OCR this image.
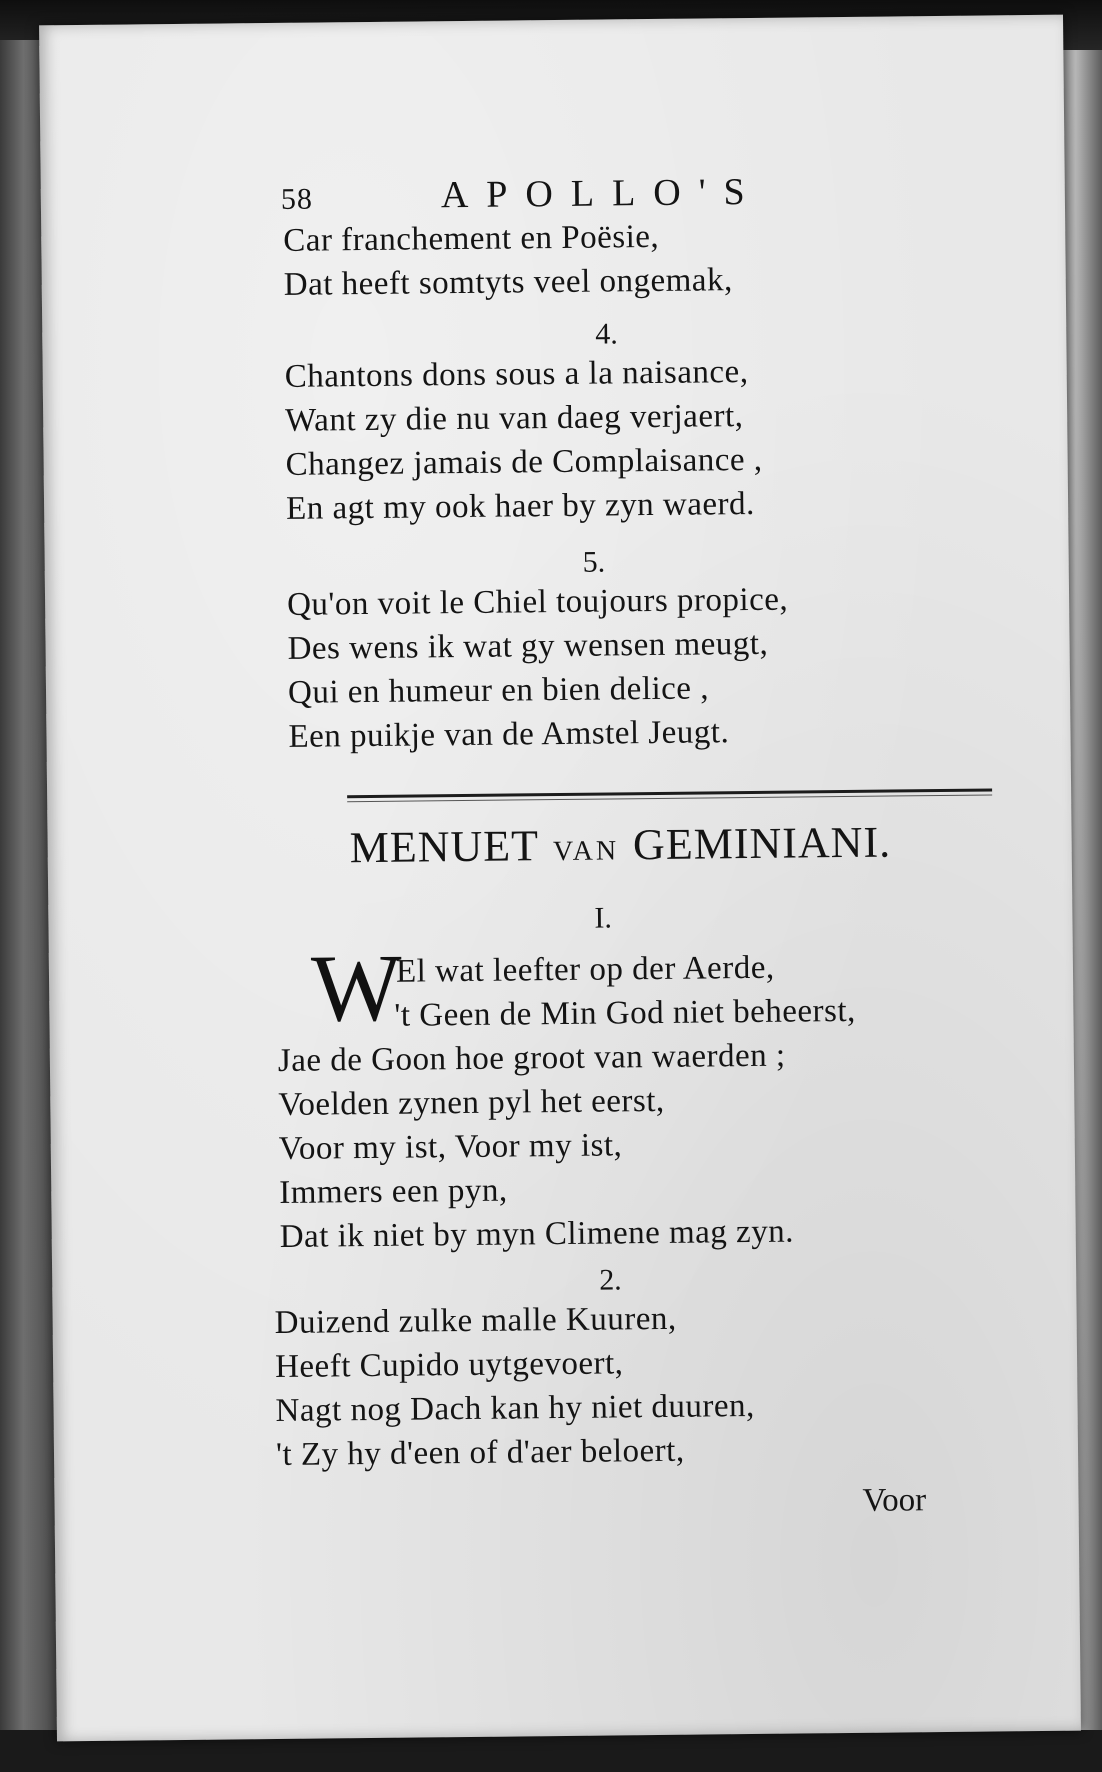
58	APOLLO'S
Car franchement en Poësie,
Dat heeft somtyts veel ongemak,
4.
Chantons dons sous a la naisance,
Want zy die nu van daeg verjaert,
Changez jamais de Complaisance ,
En agt my ook haer by zyn waerd.
5.
Qu'on voit le Chiel toujours propice,
Des wens ik wat gy wensen meugt,
Qui en humeur en bien delice ,
Een puikje van de Amstel Jeugt.
MENUET VAN GEMINIANI.
I.
W
El wat leefter op der Aerde,
't Geen de Min God niet beheerst,
Jae de Goon hoe groot van waerden ;
Voelden zynen pyl het eerst,
Voor my ist, Voor my ist,
Immers een pyn,
Dat ik niet by myn Climene mag zyn.
2.
Duizend zulke malle Kuuren,
Heeft Cupido uytgevoert,
Nagt nog Dach kan hy niet duuren,
't Zy hy d'een of d'aer beloert,
Voor
